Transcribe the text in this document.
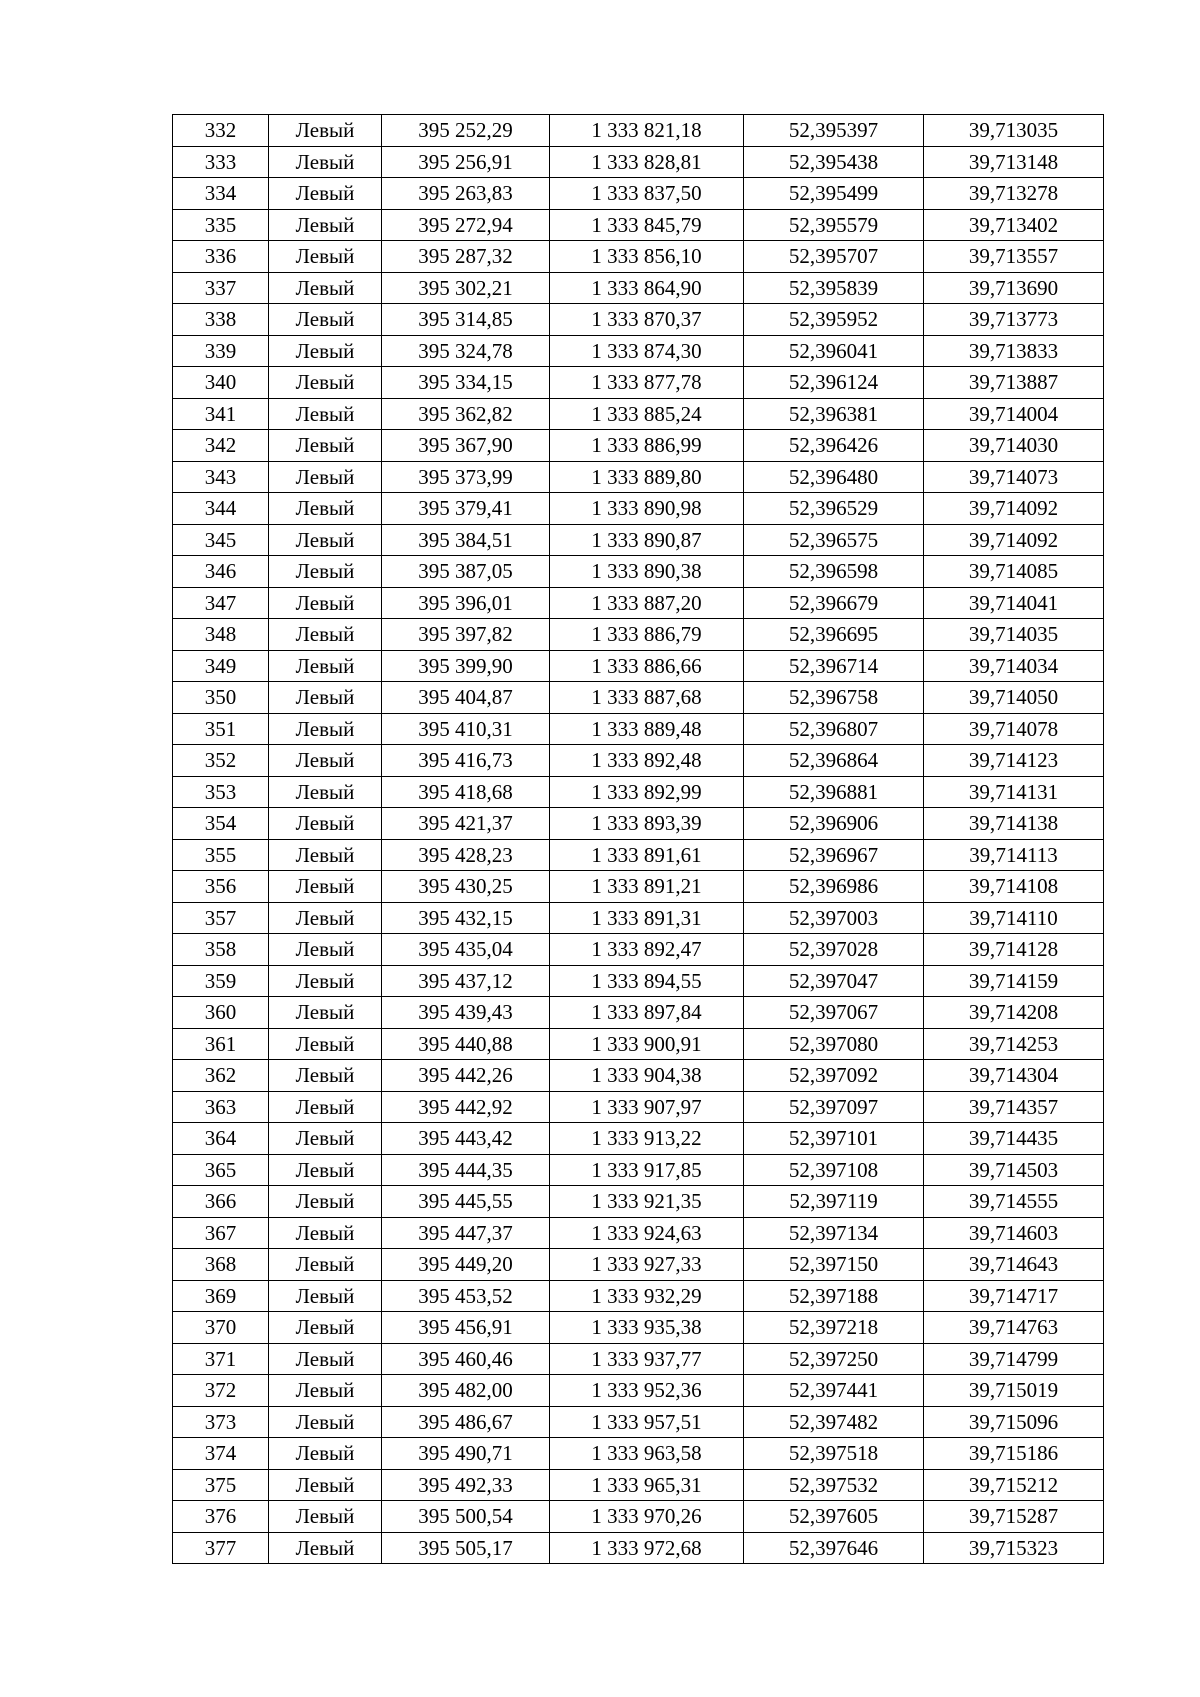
332	Левый	395 252,29	1 333 821,18	52,395397	39,713035
333	Левый	395 256,91	1 333 828,81	52,395438	39,713148
334	Левый	395 263,83	1 333 837,50	52,395499	39,713278
335	Левый	395 272,94	1 333 845,79	52,395579	39,713402
336	Левый	395 287,32	1 333 856,10	52,395707	39,713557
337	Левый	395 302,21	1 333 864,90	52,395839	39,713690
338	Левый	395 314,85	1 333 870,37	52,395952	39,713773
339	Левый	395 324,78	1 333 874,30	52,396041	39,713833
340	Левый	395 334,15	1 333 877,78	52,396124	39,713887
341	Левый	395 362,82	1 333 885,24	52,396381	39,714004
342	Левый	395 367,90	1 333 886,99	52,396426	39,714030
343	Левый	395 373,99	1 333 889,80	52,396480	39,714073
344	Левый	395 379,41	1 333 890,98	52,396529	39,714092
345	Левый	395 384,51	1 333 890,87	52,396575	39,714092
346	Левый	395 387,05	1 333 890,38	52,396598	39,714085
347	Левый	395 396,01	1 333 887,20	52,396679	39,714041
348	Левый	395 397,82	1 333 886,79	52,396695	39,714035
349	Левый	395 399,90	1 333 886,66	52,396714	39,714034
350	Левый	395 404,87	1 333 887,68	52,396758	39,714050
351	Левый	395 410,31	1 333 889,48	52,396807	39,714078
352	Левый	395 416,73	1 333 892,48	52,396864	39,714123
353	Левый	395 418,68	1 333 892,99	52,396881	39,714131
354	Левый	395 421,37	1 333 893,39	52,396906	39,714138
355	Левый	395 428,23	1 333 891,61	52,396967	39,714113
356	Левый	395 430,25	1 333 891,21	52,396986	39,714108
357	Левый	395 432,15	1 333 891,31	52,397003	39,714110
358	Левый	395 435,04	1 333 892,47	52,397028	39,714128
359	Левый	395 437,12	1 333 894,55	52,397047	39,714159
360	Левый	395 439,43	1 333 897,84	52,397067	39,714208
361	Левый	395 440,88	1 333 900,91	52,397080	39,714253
362	Левый	395 442,26	1 333 904,38	52,397092	39,714304
363	Левый	395 442,92	1 333 907,97	52,397097	39,714357
364	Левый	395 443,42	1 333 913,22	52,397101	39,714435
365	Левый	395 444,35	1 333 917,85	52,397108	39,714503
366	Левый	395 445,55	1 333 921,35	52,397119	39,714555
367	Левый	395 447,37	1 333 924,63	52,397134	39,714603
368	Левый	395 449,20	1 333 927,33	52,397150	39,714643
369	Левый	395 453,52	1 333 932,29	52,397188	39,714717
370	Левый	395 456,91	1 333 935,38	52,397218	39,714763
371	Левый	395 460,46	1 333 937,77	52,397250	39,714799
372	Левый	395 482,00	1 333 952,36	52,397441	39,715019
373	Левый	395 486,67	1 333 957,51	52,397482	39,715096
374	Левый	395 490,71	1 333 963,58	52,397518	39,715186
375	Левый	395 492,33	1 333 965,31	52,397532	39,715212
376	Левый	395 500,54	1 333 970,26	52,397605	39,715287
377	Левый	395 505,17	1 333 972,68	52,397646	39,715323
